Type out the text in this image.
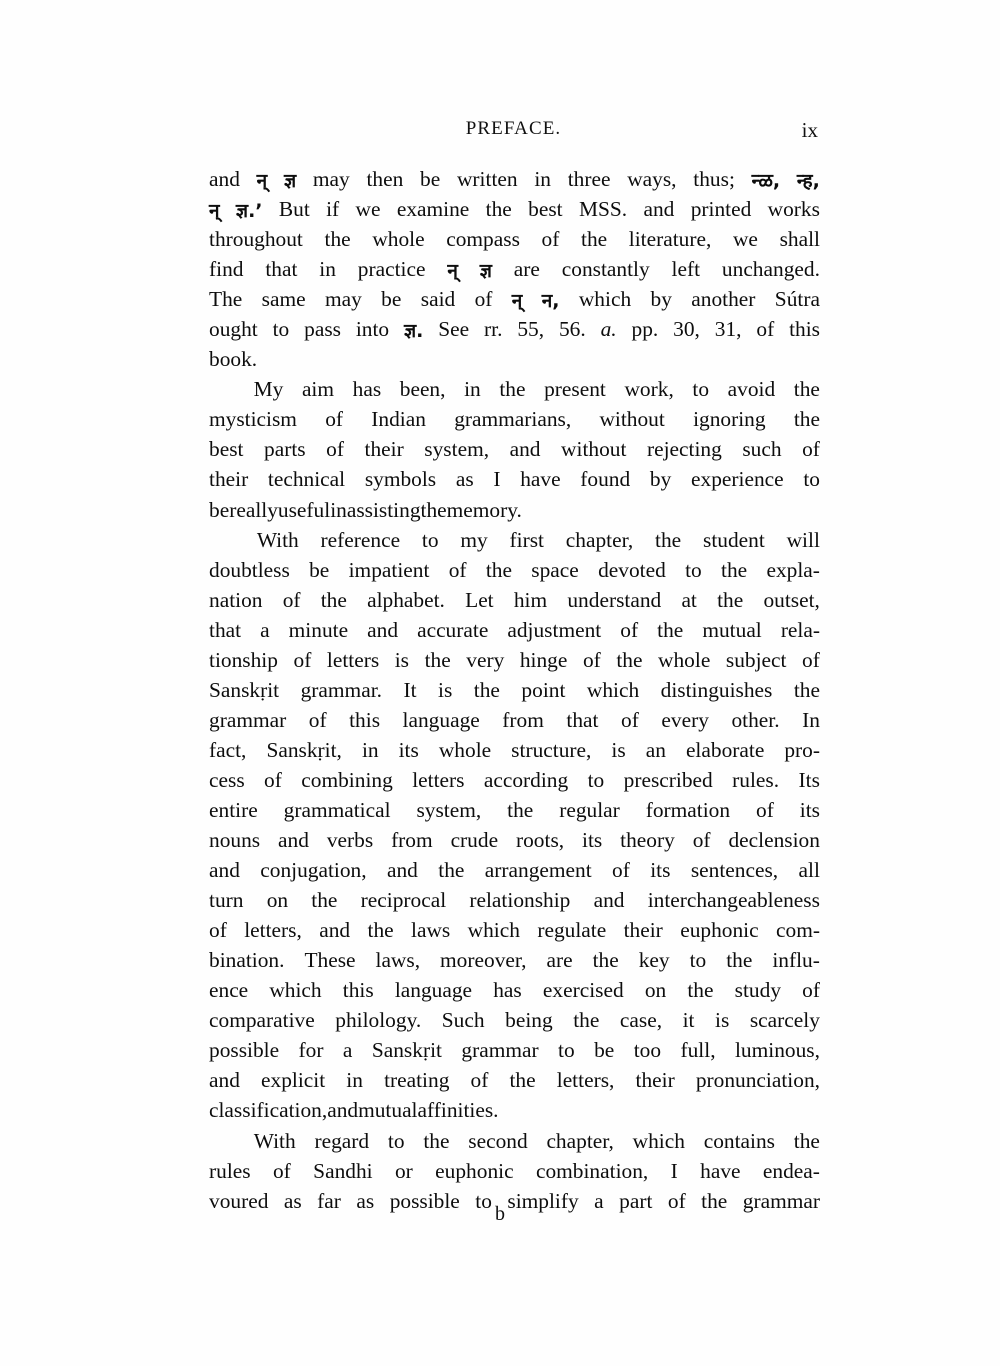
PREFACE.	ix

and न् ज्ञ may then be written in three ways, thus; न्ळ, न्ह,
न् ज्ञ.’ But if we examine the best MSS. and printed works
throughout the whole compass of the literature, we shall
find that in practice न् ज्ञ are constantly left unchanged.
The same may be said of न् न, which by another Sútra
ought to pass into ज्ञ. See rr. 55, 56. a. pp. 30, 31, of this
book.

My aim has been, in the present work, to avoid the
mysticism of Indian grammarians, without ignoring the
best parts of their system, and without rejecting such of
their technical symbols as I have found by experience to
be really useful in assisting the memory.

With reference to my first chapter, the student will
doubtless be impatient of the space devoted to the expla-
nation of the alphabet. Let him understand at the outset,
that a minute and accurate adjustment of the mutual rela-
tionship of letters is the very hinge of the whole subject of
Sanskṛit grammar. It is the point which distinguishes the
grammar of this language from that of every other. In
fact, Sanskṛit, in its whole structure, is an elaborate pro-
cess of combining letters according to prescribed rules. Its
entire grammatical system, the regular formation of its
nouns and verbs from crude roots, its theory of declension
and conjugation, and the arrangement of its sentences, all
turn on the reciprocal relationship and interchangeableness
of letters, and the laws which regulate their euphonic com-
bination. These laws, moreover, are the key to the influ-
ence which this language has exercised on the study of
comparative philology. Such being the case, it is scarcely
possible for a Sanskṛit grammar to be too full, luminous,
and explicit in treating of the letters, their pronunciation,
classification, and mutual affinities.

With regard to the second chapter, which contains the
rules of Sandhi or euphonic combination, I have endea-
voured as far as possible to simplify a part of the grammar

b
